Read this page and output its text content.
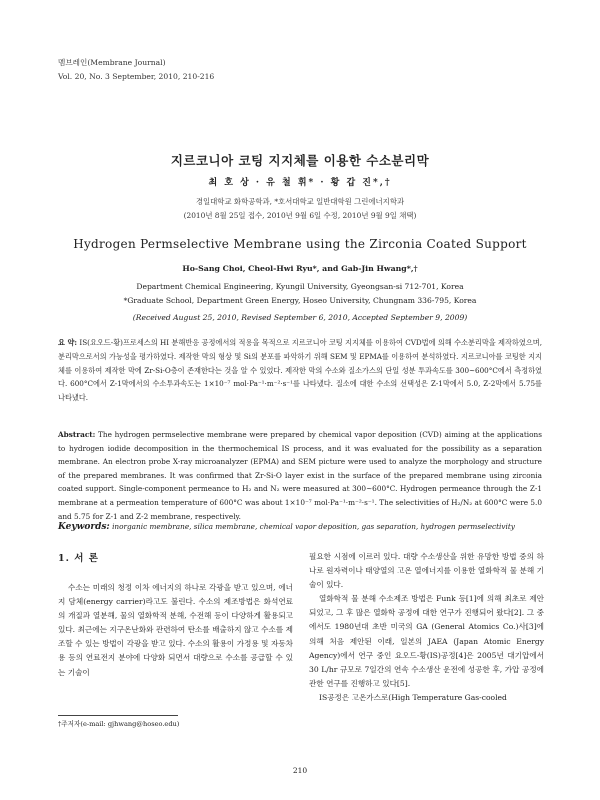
멤브레인(Membrane Journal)
Vol. 20, No. 3 September, 2010, 210-216
지르코니아 코팅 지지체를 이용한 수소분리막
최 호 상 · 유 철 휘* · 황 갑 진*,†
경일대학교 화학공학과, *호서대학교 일반대학원 그린에너지학과
(2010년 8월 25일 접수, 2010년 9월 6일 수정, 2010년 9월 9일 채택)
Hydrogen Permselective Membrane using the Zirconia Coated Support
Ho-Sang Choi, Cheol-Hwi Ryu*, and Gab-Jin Hwang*,†
Department Chemical Engineering, Kyungil University, Gyeongsan-si 712-701, Korea
*Graduate School, Department Green Energy, Hoseo University, Chungnam 336-795, Korea
(Received August 25, 2010, Revised September 6, 2010, Accepted September 9, 2009)
요 약: IS(요오드-황)프로세스의 HI 분해반응 공정에서의 적용을 목적으로 지르코니아 코팅 지지체를 이용하여 CVD법에 의해 수소분리막을 제작하였으며, 분리막으로서의 가능성을 평가하였다. 제작한 막의 형상 및 Si의 분포를 파악하기 위해 SEM 및 EPMA를 이용하여 분석하였다. 지르코니아를 코팅한 지지체를 이용하여 제작한 막에 Zr-Si-O층이 존재한다는 것을 알 수 있었다. 제작한 막의 수소와 질소가스의 단일 성분 투과속도를 300~600°C에서 측정하였다. 600°C에서 Z-1막에서의 수소투과속도는 1×10⁻⁷ mol·Pa⁻¹·m⁻²·s⁻¹를 나타냈다. 질소에 대한 수소의 선택성은 Z-1막에서 5.0, Z-2막에서 5.75를 나타냈다.
Abstract: The hydrogen permselective membrane were prepared by chemical vapor deposition (CVD) aiming at the applications to hydrogen iodide decomposition in the thermochemical IS process, and it was evaluated for the possibility as a separation membrane. An electron probe X-ray microanalyzer (EPMA) and SEM picture were used to analyze the morphology and structure of the prepared membranes. It was confirmed that Zr-Si-O layer exist in the surface of the prepared membrane using zirconia coated support. Single-component permeance to H₂ and N₂ were measured at 300~600°C. Hydrogen permeance through the Z-1 membrane at a permeation temperature of 600°C was about 1×10⁻⁷ mol·Pa⁻¹·m⁻²·s⁻¹. The selectivities of H₂/N₂ at 600°C were 5.0 and 5.75 for Z-1 and Z-2 membrane, respectively.
Keywords: inorganic membrane, silica membrane, chemical vapor deposition, gas separation, hydrogen permselectivity
1. 서 론

수소는 미래의 청정 이차 에너지의 하나로 각광을 받고 있으며, 에너지 담체(energy carrier)라고도 불린다. 수소의 제조방법은 화석연료의 개질과 열분해, 물의 열화학적 분해, 수전해 등이 다양하게 활용되고 있다. 최근에는 지구온난화와 관련하여 탄소를 배출하지 않고 수소를 제조할 수 있는 방법이 각광을 받고 있다. 수소의 활용이 가정용 및 자동차용 등의 연료전지 분야에 다양화 되면서 대량으로 수소를 공급할 수 있는 기술이

필요한 시점에 이르러 있다. 대량 수소생산을 위한 유망한 방법 중의 하나로 원자력이나 태양열의 고온 열에너지를 이용한 열화학적 물 분해 기술이 있다.

열화학적 물 분해 수소제조 방법은 Funk 등[1]에 의해 최초로 제안되었고, 그 후 많은 열화학 공정에 대한 연구가 진행되어 왔다[2]. 그 중에서도 1980년대 초반 미국의 GA (General Atomics Co.)사[3]에 의해 처음 제안된 이래, 일본의 JAEA (Japan Atomic Energy Agency)에서 연구 중인 요오드-황(IS)공정[4]은 2005년 대기압에서 30 L/hr 규모로 7일간의 연속 수소생산 운전에 성공한 후, 가압 공정에 관한 연구를 진행하고 있다[5].

IS공정은 고온가스로(High Temperature Gas-cooled

†주저자(e-mail: gjhwang@hoseo.edu)
210
